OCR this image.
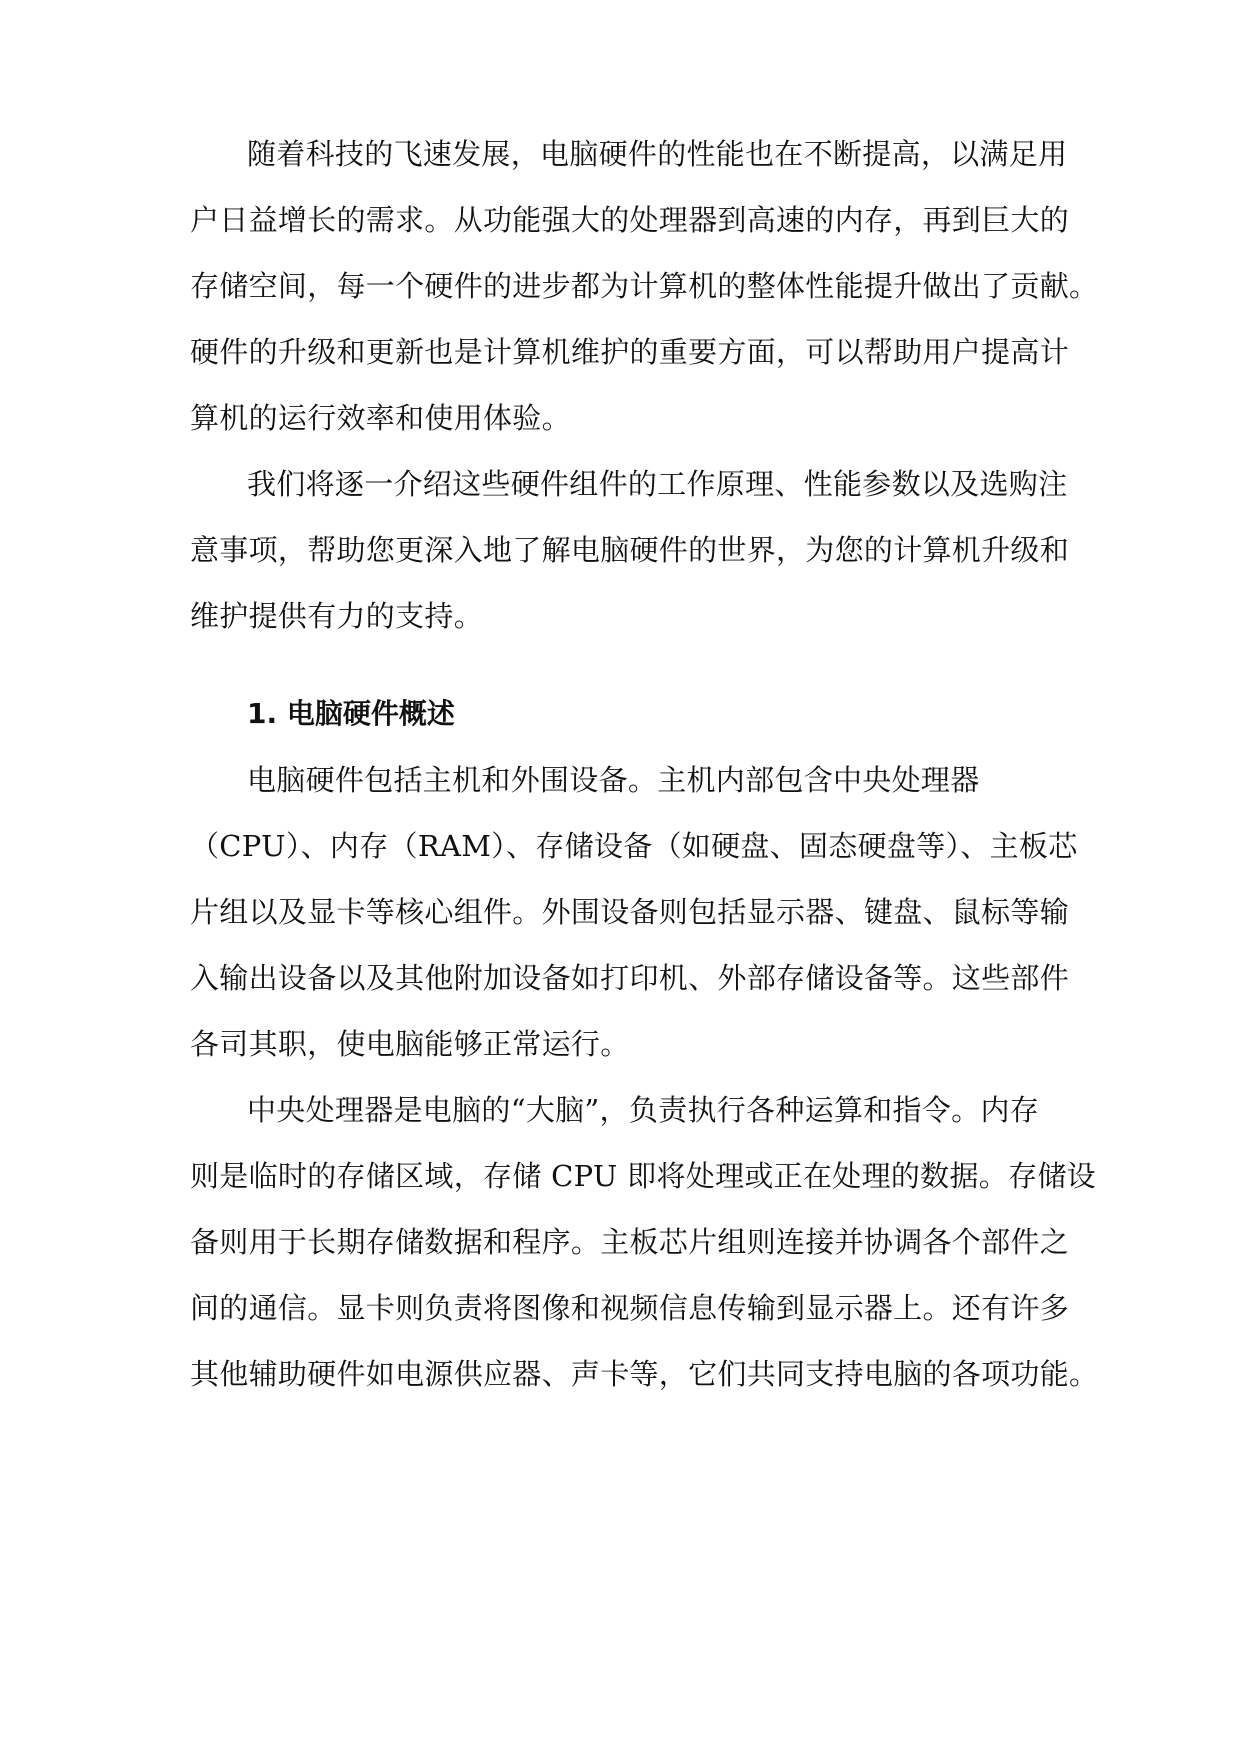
随着科技的飞速发展，电脑硬件的性能也在不断提高，以满足用
户日益增长的需求。从功能强大的处理器到高速的内存，再到巨大的
存储空间，每一个硬件的进步都为计算机的整体性能提升做出了贡献。
硬件的升级和更新也是计算机维护的重要方面，可以帮助用户提高计
算机的运行效率和使用体验。
我们将逐一介绍这些硬件组件的工作原理、性能参数以及选购注
意事项，帮助您更深入地了解电脑硬件的世界，为您的计算机升级和
维护提供有力的支持。
1. 电脑硬件概述
电脑硬件包括主机和外围设备。主机内部包含中央处理器
（CPU）、内存（RAM）、存储设备（如硬盘、固态硬盘等）、主板芯
片组以及显卡等核心组件。外围设备则包括显示器、键盘、鼠标等输
入输出设备以及其他附加设备如打印机、外部存储设备等。这些部件
各司其职，使电脑能够正常运行。
中央处理器是电脑的“大脑”，负责执行各种运算和指令。内存
则是临时的存储区域，存储 CPU 即将处理或正在处理的数据。存储设
备则用于长期存储数据和程序。主板芯片组则连接并协调各个部件之
间的通信。显卡则负责将图像和视频信息传输到显示器上。还有许多
其他辅助硬件如电源供应器、声卡等，它们共同支持电脑的各项功能。
